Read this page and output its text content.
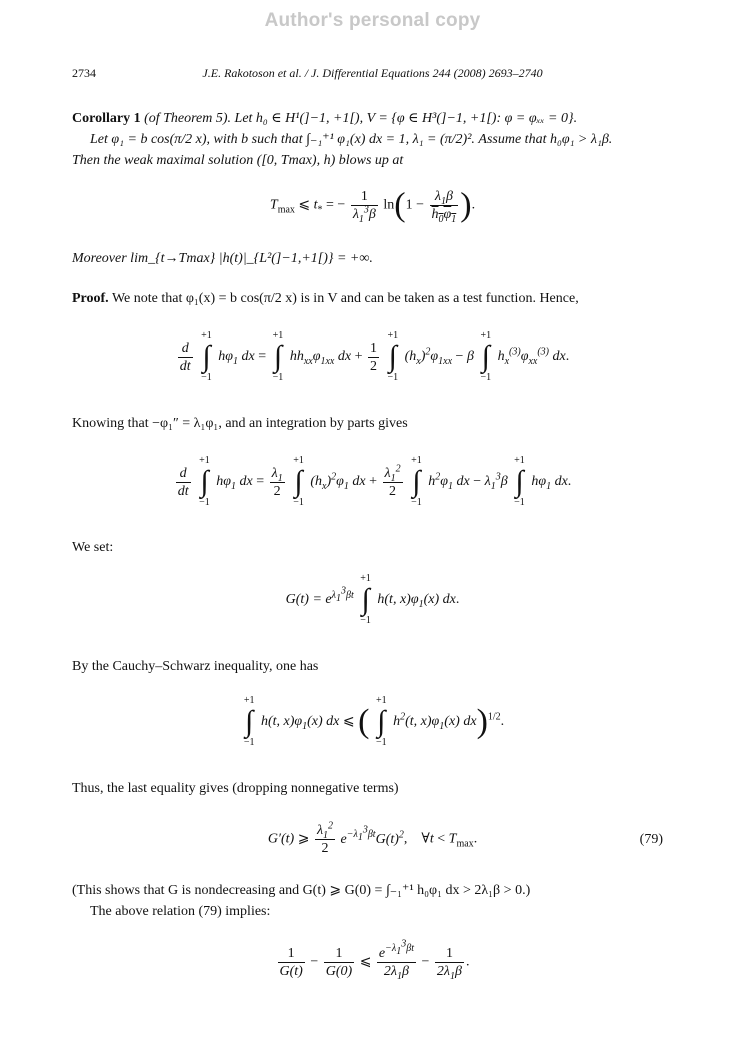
Author's personal copy
2734	J.E. Rakotoson et al. / J. Differential Equations 244 (2008) 2693–2740
Corollary 1 (of Theorem 5). Let h₀ ∈ H¹(]−1, +1[), V = {φ ∈ H³(]−1, +1[): φ = φₓₓ = 0}.
Let φ₁ = b cos(π/2 x), with b such that ∫₋₁⁺¹ φ₁(x) dx = 1, λ₁ = (π/2)². Assume that h₀φ₁ > λ₁β.
Then the weak maximal solution ([0, Tmax), h) blows up at
$T_{max}$ ⩽ $t_*$ = − $\frac{1}{\lambda_1^3\beta} \ln(1 - \frac{\lambda_1\beta}{h_0\varphi_1}$ ).
Moreover lim_{t→Tmax} |h(t)|_{L²(]−1,+1[)} = +∞.
Proof. We note that φ₁(x) = b cos(π/2 x) is in V and can be taken as a test function. Hence,
$\frac{d}{dt}$

+1
∫
−1
$h\varphi_1$ dx =
+1
∫
−1
$hh_{xx}\varphi_{1xx}$ dx + $\frac{1}{2}$

+1
∫
−1
$(h_x)^2\varphi_{1xx} - \beta$
+1
∫
−1
$h_x^{(3)}\varphi_{xx}^{(3)}$ dx.
Knowing that −φ₁″ = λ₁φ₁, and an integration by parts gives
$\frac{d}{dt}$

+1
∫
−1
$h\varphi_1$ dx = $\frac{\lambda_1}{2}$

+1
∫
−1
$(h_x)^2\varphi_1$ dx + $\frac{\lambda_1^2}{2}$

+1
∫
−1
$h^2\varphi_1$ dx − $\lambda_1^3\beta$
+1
∫
−1
$h\varphi_1$ dx.
We set:
$G(t) = e^{\lambda_1^3\beta t}$
+1
∫
−1
h(t, $x)\varphi_1(x)$ dx.
By the Cauchy–Schwarz inequality, one has
+1
∫
−1
h(t, $x)\varphi_1(x)$ dx ⩽ (
+1
∫
−1
$h^2(t$, $x)\varphi_1(x)$ dx)$^{1/2}$.
Thus, the last equality gives (dropping nonnegative terms)
G′(t) ⩾ $\frac{\lambda_1^2}{2} e^{-\lambda_1^3\beta t}G(t)^2$,    ∀t < $T_{max}$.	(79)
(This shows that G is nondecreasing and G(t) ⩾ G(0) = ∫₋₁⁺¹ h₀φ₁ dx > 2λ₁β > 0.)
The above relation (79) implies:
$\frac{1}{G(t)} - \frac{1}{G(0)}$ ⩽ $\frac{e^{-\lambda_1^3\beta t}}{2\lambda_1\beta} - \frac{1}{2\lambda_1\beta}$ .
